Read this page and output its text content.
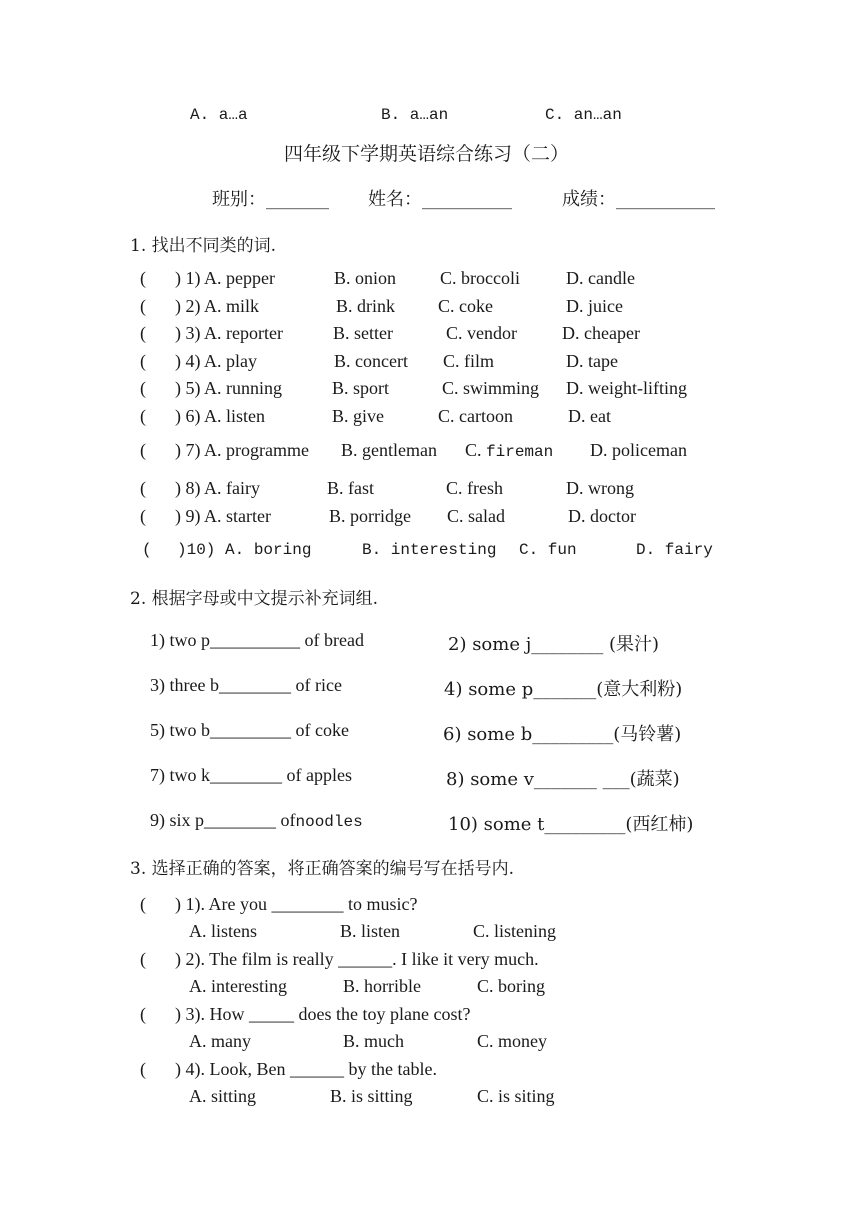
A. a…a	B. a…an	C. an…an
四年级下学期英语综合练习（二）
班别：_______ 姓名：__________	成绩：___________
1. 找出不同类的词.
( ) 1) A. pepper	B. onion C. broccoli	D. candle
( ) 2) A. milk	B. drink C. coke	D. juice
( ) 3) A. reporter	B. setter	C. vendor	D. cheaper
( ) 4) A. play	B. concert C. film	D. tape
( ) 5) A. running	B. sport	C. swimming D. weight-lifting
( ) 6) A. listen	B. give	C. cartoon	D. eat
( ) 7) A. programme B. gentleman C. fireman D. policeman
( ) 8) A. fairy	B. fast	C. fresh	D. wrong
( ) 9) A. starter	B. porridge C. salad	D. doctor
( )10) A. boring	B. interesting C. fun	D. fairy
2. 根据字母或中文提示补充词组.
1) two p__________ of bread	2) some j________ (果汁)
3) three b________ of rice	4) some p_______(意大利粉)
5) two b_________ of coke	6) some b_________(马铃薯)
7) two k________ of apples	8) some v_______ ___(蔬菜)
9) six p________ ofnoodles	10) some t_________(西红柿)
3. 选择正确的答案，将正确答案的编号写在括号内.
( ) 1). Are you ________ to music?
A. listens	B. listen	C. listening
( ) 2). The film is really ______. I like it very much.
A. interesting	B. horrible	C. boring
( ) 3). How _____ does the toy plane cost?
A. many	B. much	C. money
( ) 4). Look, Ben ______ by the table.
A. sitting	B. is sitting	C. is siting
